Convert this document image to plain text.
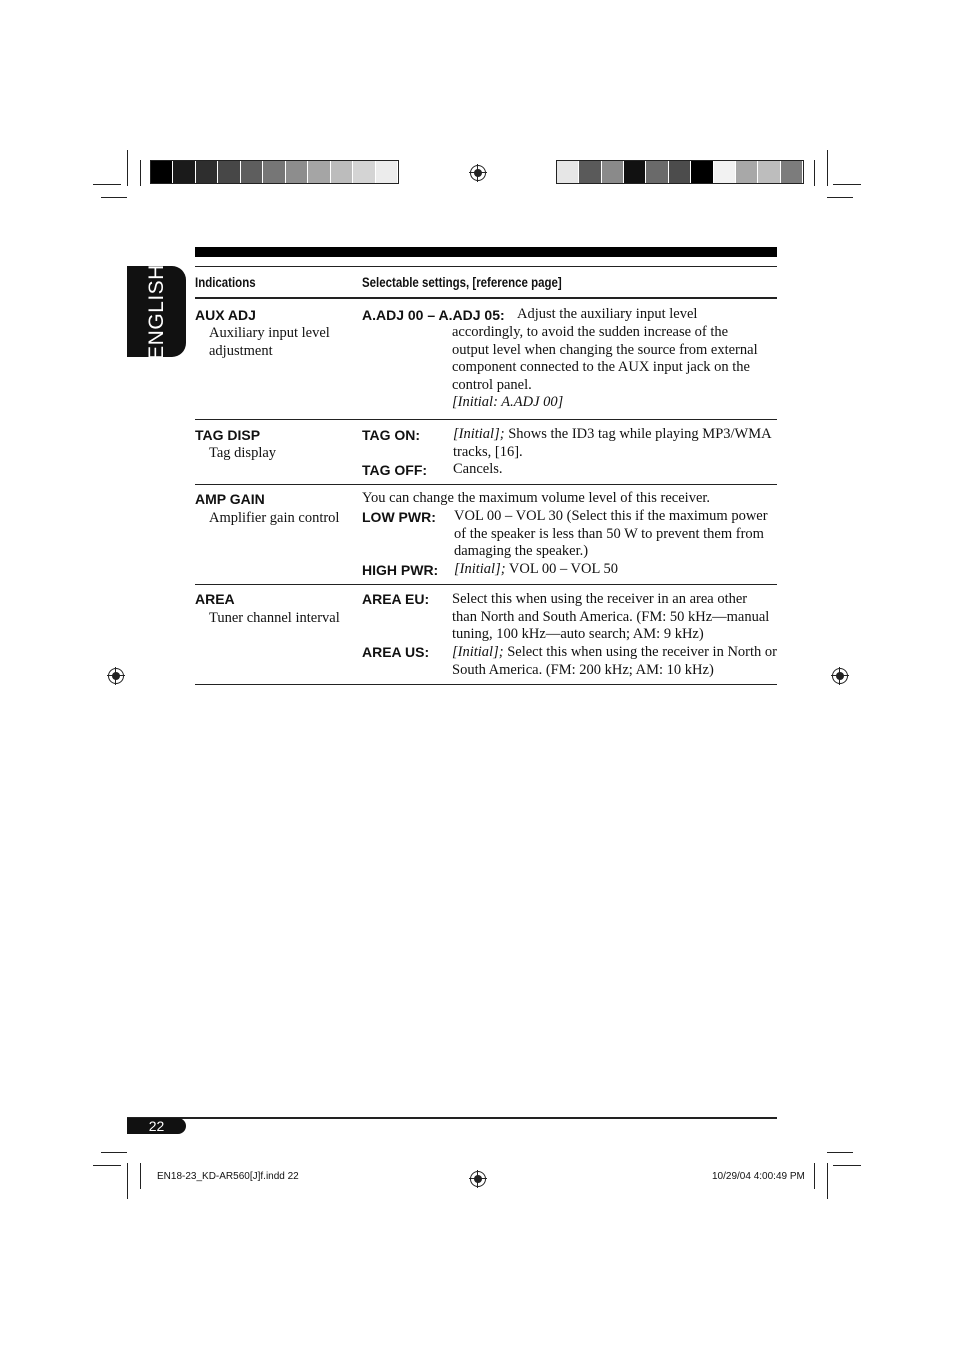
ENGLISH Indications	Selectable settings, [reference page]
AUX ADJ
Auxiliary input level
adjustment
A.ADJ 00 – A.ADJ 05: Adjust the auxiliary input level
accordingly, to avoid the sudden increase of the
output level when changing the source from external
component connected to the AUX input jack on the
control panel.
[Initial: A.ADJ 00]
TAG DISP
Tag display
TAG ON: [Initial]; Shows the ID3 tag while playing MP3/WMA
tracks, [16].
TAG OFF: Cancels.
AMP GAIN
Amplifier gain control
You can change the maximum volume level of this receiver.
LOW PWR: VOL 00 – VOL 30 (Select this if the maximum power
of the speaker is less than 50 W to prevent them from
damaging the speaker.)
HIGH PWR: [Initial]; VOL 00 – VOL 50
AREA
Tuner channel interval
AREA EU: Select this when using the receiver in an area other
than North and South America. (FM: 50 kHz—manual
tuning, 100 kHz—auto search; AM: 9 kHz)
AREA US: [Initial]; Select this when using the receiver in North or
South America. (FM: 200 kHz; AM: 10 kHz)
22
EN18-23_KD-AR560[J]f.indd 22	10/29/04 4:00:49 PM
